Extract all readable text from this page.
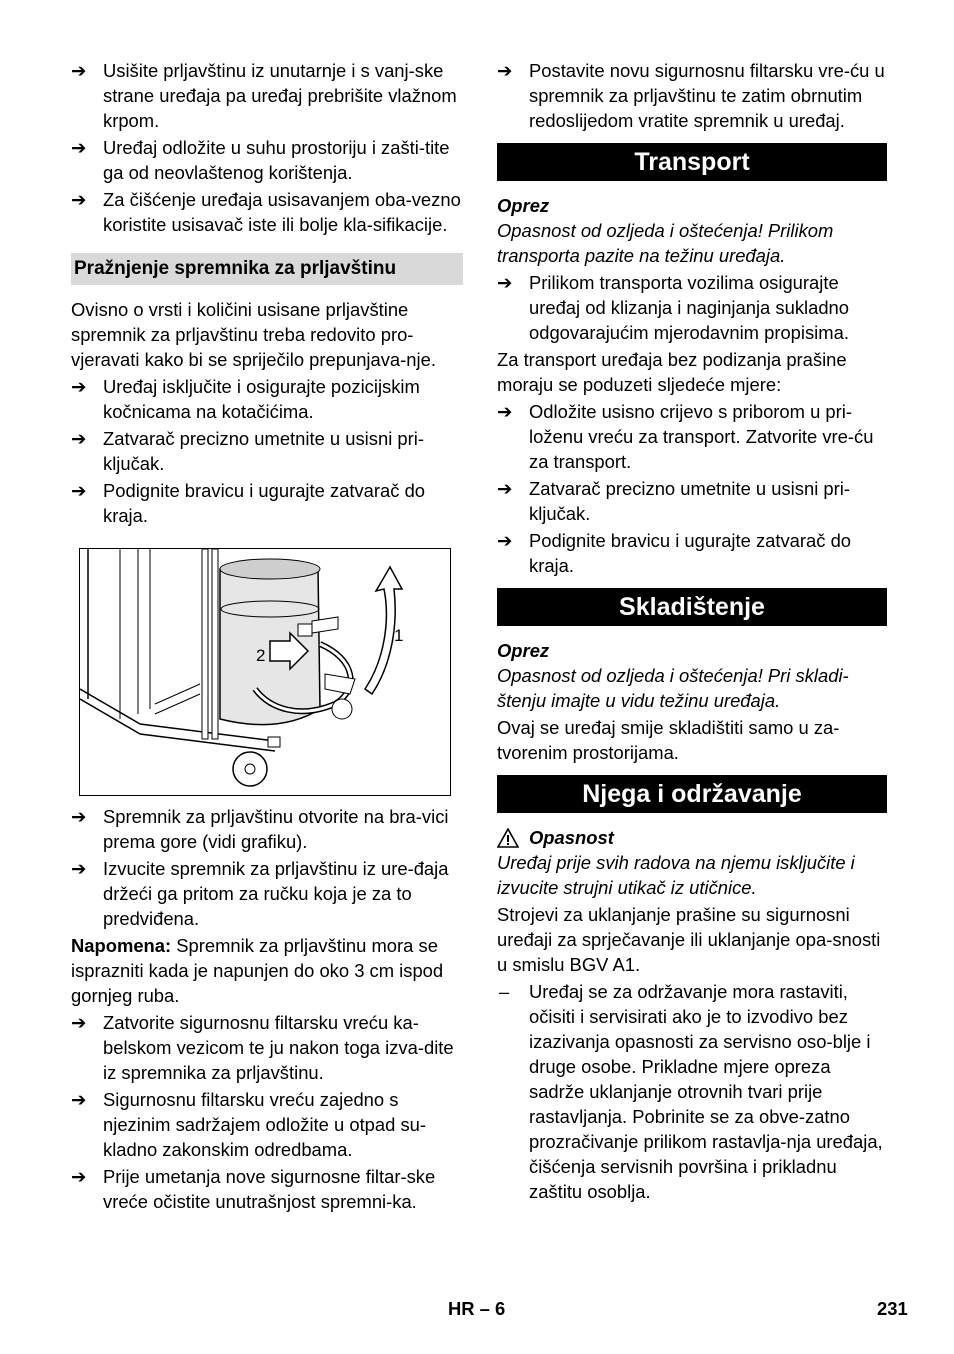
➔ Usišite prljavštinu iz unutarnje i s vanj-ske strane uređaja pa uređaj prebrišite vlažnom krpom.
➔ Uređaj odložite u suhu prostoriju i zašti-tite ga od neovlaštenog korištenja.
➔ Za čišćenje uređaja usisavanjem oba-vezno koristite usisavač iste ili bolje kla-sifikacije.
Pražnjenje spremnika za prljavštinu

Ovisno o vrsti i količini usisane prljavštine spremnik za prljavštinu treba redovito pro-vjeravati kako bi se spriječilo prepunjava-nje.

➔ Uređaj isključite i osigurajte pozicijskim kočnicama na kotačićima.
➔ Zatvarač precizno umetnite u usisni pri-ključak.
➔ Podignite bravicu i ugurajte zatvarač do kraja.
2
1
➔ Spremnik za prljavštinu otvorite na bra-vici prema gore (vidi grafiku).
➔ Izvucite spremnik za prljavštinu iz ure-đaja držeći ga pritom za ručku koja je za to predviđena.

Napomena: Spremnik za prljavštinu mora se isprazniti kada je napunjen do oko 3 cm ispod gornjeg ruba.

➔ Zatvorite sigurnosnu filtarsku vreću ka-belskom vezicom te ju nakon toga izva-dite iz spremnika za prljavštinu.
➔ Sigurnosnu filtarsku vreću zajedno s njezinim sadržajem odložite u otpad su-kladno zakonskim odredbama.
➔ Prije umetanja nove sigurnosne filtar-ske vreće očistite unutrašnjost spremni-ka.
➔ Postavite novu sigurnosnu filtarsku vre-ću u spremnik za prljavštinu te zatim obrnutim redoslijedom vratite spremnik u uređaj.
Transport
Oprez

Opasnost od ozljeda i oštećenja! Prilikom transporta pazite na težinu uređaja.

➔ Prilikom transporta vozilima osigurajte uređaj od klizanja i naginjanja sukladno odgovarajućim mjerodavnim propisima.

Za transport uređaja bez podizanja prašine moraju se poduzeti sljedeće mjere:

➔ Odložite usisno crijevo s priborom u pri-loženu vreću za transport. Zatvorite vre-ću za transport.
➔ Zatvarač precizno umetnite u usisni pri-ključak.
➔ Podignite bravicu i ugurajte zatvarač do kraja.
Skladištenje
Oprez

Opasnost od ozljeda i oštećenja! Pri skladi-štenju imajte u vidu težinu uređaja.

Ovaj se uređaj smije skladištiti samo u za-tvorenim prostorijama.

Njega i održavanje
Opasnost

Uređaj prije svih radova na njemu isključite i izvucite strujni utikač iz utičnice.

Strojevi za uklanjanje prašine su sigurnosni uređaji za sprječavanje ili uklanjanje opa-snosti u smislu BGV A1.

– Uređaj se za održavanje mora rastaviti, očisiti i servisirati ako je to izvodivo bez izazivanja opasnosti za servisno oso-blje i druge osobe. Prikladne mjere opreza sadrže uklanjanje otrovnih tvari prije rastavljanja. Pobrinite se za obve-zatno prozračivanje prilikom rastavlja-nja uređaja, čišćenja servisnih površina i prikladnu zaštitu osoblja.
HR – 6	231
